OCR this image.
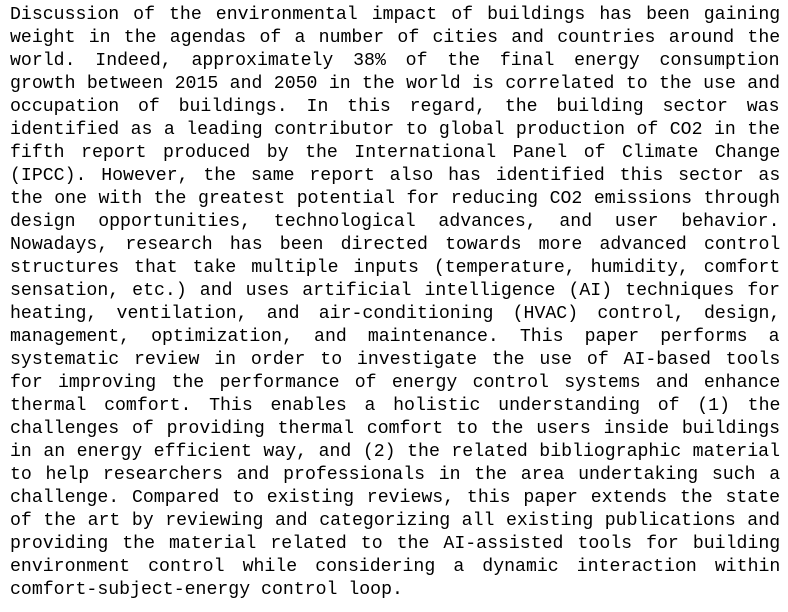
Discussion of the environmental impact of buildings has been gaining
weight in the agendas of a number of cities and countries around the
world. Indeed, approximately 38% of the final energy consumption
growth between 2015 and 2050 in the world is correlated to the use and
occupation of buildings. In this regard, the building sector was
identified as a leading contributor to global production of CO2 in the
fifth report produced by the International Panel of Climate Change
(IPCC). However, the same report also has identified this sector as
the one with the greatest potential for reducing CO2 emissions through
design opportunities, technological advances, and user behavior.
Nowadays, research has been directed towards more advanced control
structures that take multiple inputs (temperature, humidity, comfort
sensation, etc.) and uses artificial intelligence (AI) techniques for
heating, ventilation, and air-conditioning (HVAC) control, design,
management, optimization, and maintenance. This paper performs a
systematic review in order to investigate the use of AI-based tools
for improving the performance of energy control systems and enhance
thermal comfort. This enables a holistic understanding of (1) the
challenges of providing thermal comfort to the users inside buildings
in an energy efficient way, and (2) the related bibliographic material
to help researchers and professionals in the area undertaking such a
challenge. Compared to existing reviews, this paper extends the state
of the art by reviewing and categorizing all existing publications and
providing the material related to the AI-assisted tools for building
environment control while considering a dynamic interaction within
comfort-subject-energy control loop.
